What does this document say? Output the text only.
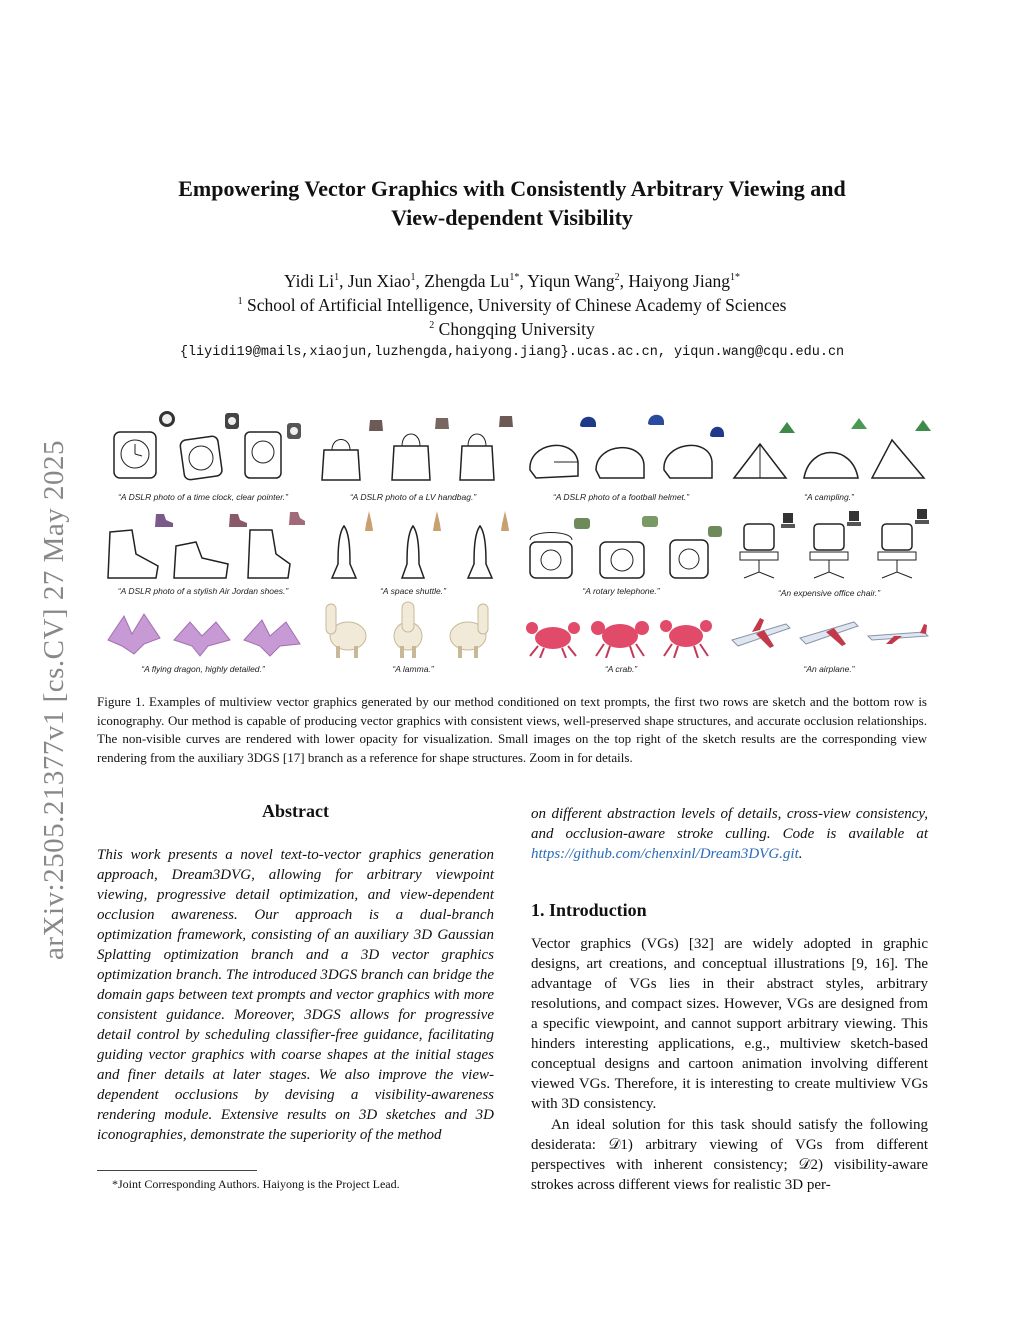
arXiv:2505.21377v1 [cs.CV] 27 May 2025
Empowering Vector Graphics with Consistently Arbitrary Viewing and
View-dependent Visibility
Yidi Li$^1$, Jun Xiao$^1$, Zhengda $Lu^{1*}$, Yiqun Wang$^2$, Haiyong Jiang$^{1*}$
$^1$ School of Artificial Intelligence, University of Chinese Academy of Sciences
$^2$ Chongqing University
{liyidi19@mails,xiaojun,luzhengda,haiyong.jiang}.ucas.ac.cn, yiqun.wang@cqu.edu.cn
“A DSLR photo of a time clock, clear pointer.”	“A DSLR photo of a LV handbag.”	“A DSLR photo of a football helmet.”	“A campling.”
“A DSLR photo of a stylish Air Jordan shoes.”	“A space shuttle.”	“A rotary telephone.”	“An expensive office chair.”
“A flying dragon, highly detailed.”	“A lamma.”	“A crab.”	“An airplane.”
Figure 1. Examples of multiview vector graphics generated by our method conditioned on text prompts, the first two rows are sketch and the bottom row is iconography. Our method is capable of producing vector graphics with consistent views, well-preserved shape structures, and accurate occlusion relationships. The non-visible curves are rendered with lower opacity for visualization. Small images on the top right of the sketch results are the corresponding view rendering from the auxiliary 3DGS [17] branch as a reference for shape structures. Zoom in for details.
Abstract
This work presents a novel text-to-vector graphics generation approach, Dream3DVG, allowing for arbitrary viewpoint viewing, progressive detail optimization, and view-dependent occlusion awareness. Our approach is a dual-branch optimization framework, consisting of an auxiliary 3D Gaussian Splatting optimization branch and a 3D vector graphics optimization branch. The introduced 3DGS branch can bridge the domain gaps between text prompts and vector graphics with more consistent guidance. Moreover, 3DGS allows for progressive detail control by scheduling classifier-free guidance, facilitating guiding vector graphics with coarse shapes at the initial stages and finer details at later stages. We also improve the view-dependent occlusions by devising a visibility-awareness rendering module. Extensive results on 3D sketches and 3D iconographies, demonstrate the superiority of the method
*Joint Corresponding Authors. Haiyong is the Project Lead.
on different abstraction levels of details, cross-view consistency, and occlusion-aware stroke culling. Code is available at https://github.com/chenxinl/Dream3DVG.git.
1. Introduction
Vector graphics (VGs) [32] are widely adopted in graphic designs, art creations, and conceptual illustrations [9, 16]. The advantage of VGs lies in their abstract styles, arbitrary resolutions, and compact sizes. However, VGs are designed from a specific viewpoint, and cannot support arbitrary viewing. This hinders interesting applications, e.g., multiview sketch-based conceptual designs and cartoon animation involving different viewed VGs. Therefore, it is interesting to create multiview VGs with 3D consistency.
An ideal solution for this task should satisfy the following desiderata: 𝒟1) arbitrary viewing of VGs from different perspectives with inherent consistency; 𝒟2) visibility-aware strokes across different views for realistic 3D per-
